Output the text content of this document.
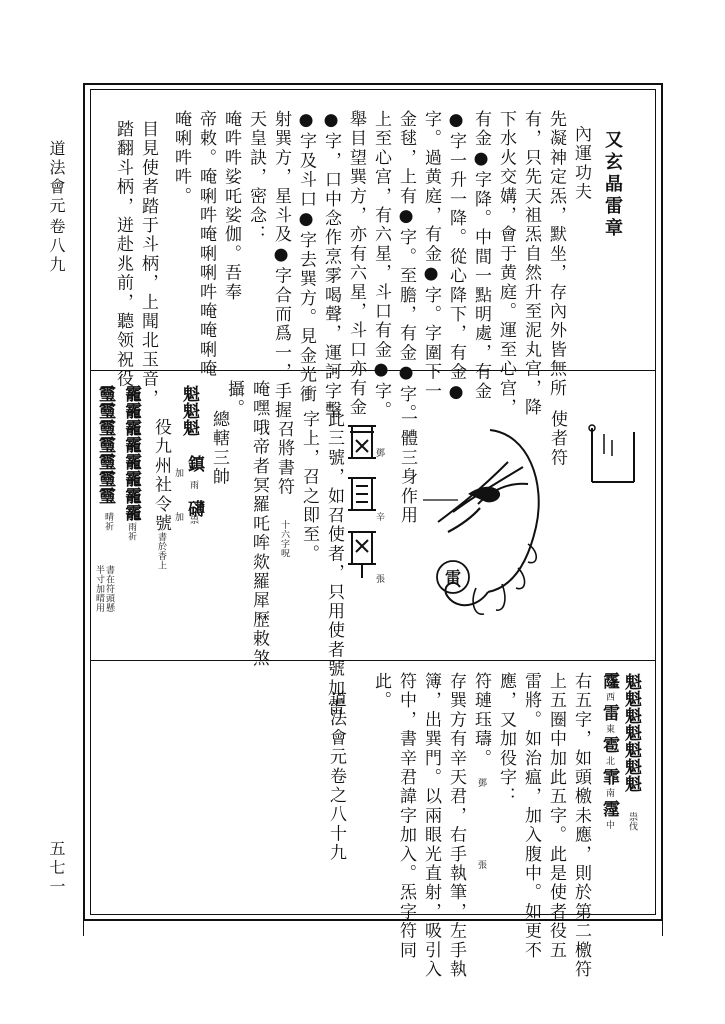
道法會元
卷八九
五七一
又玄晶雷章
內運功夫
先凝神定炁，默坐，存內外皆無所
有，只先天祖炁自然升至泥丸宫，降
下水火交媾，會于黄庭。運至心宫，
有金●字降。中間一點明處，有金
●字一升一降。從心降下，有金●
字。過黄庭，有金●字。字圍下一
金毬，上有●字。至膽，有金●字。
上至心宫，有六星，斗口有金●字。
舉目望巽方，亦有六星，斗口亦有金
●字，口中念作烹雺喝聲，運訶字擊
●字及斗口●字去巽方。見金光衝
射巽方，星斗及●字合而爲一，手握
天皇訣，密念：
唵吽吽娑吒娑伽。吾奉
帝敕。唵唎吽唵唎唎吽唵唵唎唵
唵唎吽吽。
目見使者踏于斗柄，上聞北玉音，
踏翻斗柄，迸赴兆前，聽领祝役。
使者符
雷
一體三身作用
鄧
辛
張
此三號，如召使者，只用使者號加雷
字上，召之即至。
召將書符
十六字呪
唵嘿哦帝者冥羅吒哞欻羅犀歷敕煞
攝。
總轄三帥
魁魁魁
鎮
加
雨
礴
加 祟
役九州社令號
書於香上
靇靇靇靇靇靇靇靇
雨祈
𩆜𩆜𩆜𩆜𩆜𩆜𩆜
晴祈
書在符頭懸
半寸加晴用
魁魁魁魁魁魁魁
祟伐
霳
西
雷
東
雹
北
霏
南
霪
中
右五字，如頭檄未應，則於第二檄符
上五圈中加此五字。此是使者役五
雷將。如治瘟，加入腹中。如更不
應，又加役字：
符璉珏璹。
鄧
張
存巽方有辛天君，右手執筆，左手執
簿，出巽門。以兩眼光直射，吸引入
符中，書辛君諱字加入。炁字符同
此。
道法會元卷之八十九
